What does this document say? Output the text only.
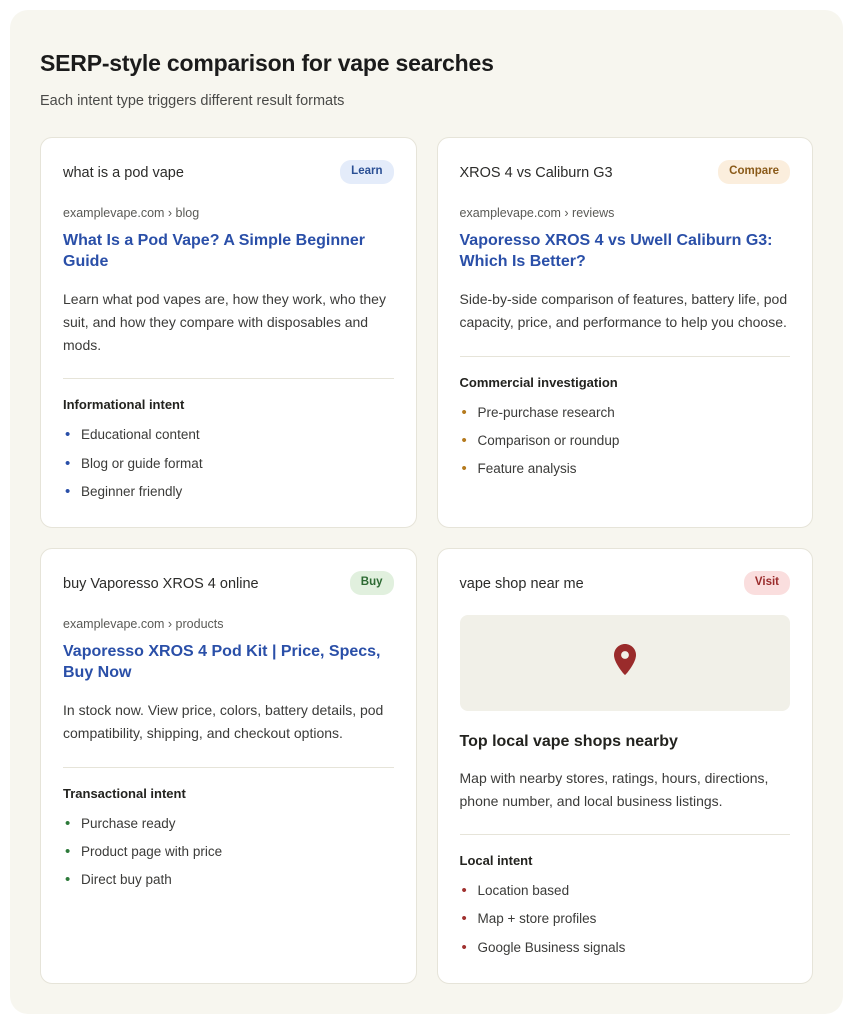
SERP-style comparison for vape searches

Each intent type triggers different result formats

what is a pod vape	Learn
examplevape.com › blog
What Is a Pod Vape? A Simple Beginner Guide
Learn what pod vapes are, how they work, who they suit, and how they compare with disposables and mods.
Informational intent
• Educational content
• Blog or guide format
• Beginner friendly
XROS 4 vs Caliburn G3	Compare
examplevape.com › reviews
Vaporesso XROS 4 vs Uwell Caliburn G3: Which Is Better?
Side-by-side comparison of features, battery life, pod capacity, price, and performance to help you choose.
Commercial investigation
• Pre-purchase research
• Comparison or roundup
• Feature analysis
buy Vaporesso XROS 4 online	Buy
examplevape.com › products
Vaporesso XROS 4 Pod Kit | Price, Specs, Buy Now
In stock now. View price, colors, battery details, pod compatibility, shipping, and checkout options.
Transactional intent
• Purchase ready
• Product page with price
• Direct buy path
vape shop near me	Visit
Top local vape shops nearby
Map with nearby stores, ratings, hours, directions, phone number, and local business listings.
Local intent
• Location based
• Map + store profiles
• Google Business signals
